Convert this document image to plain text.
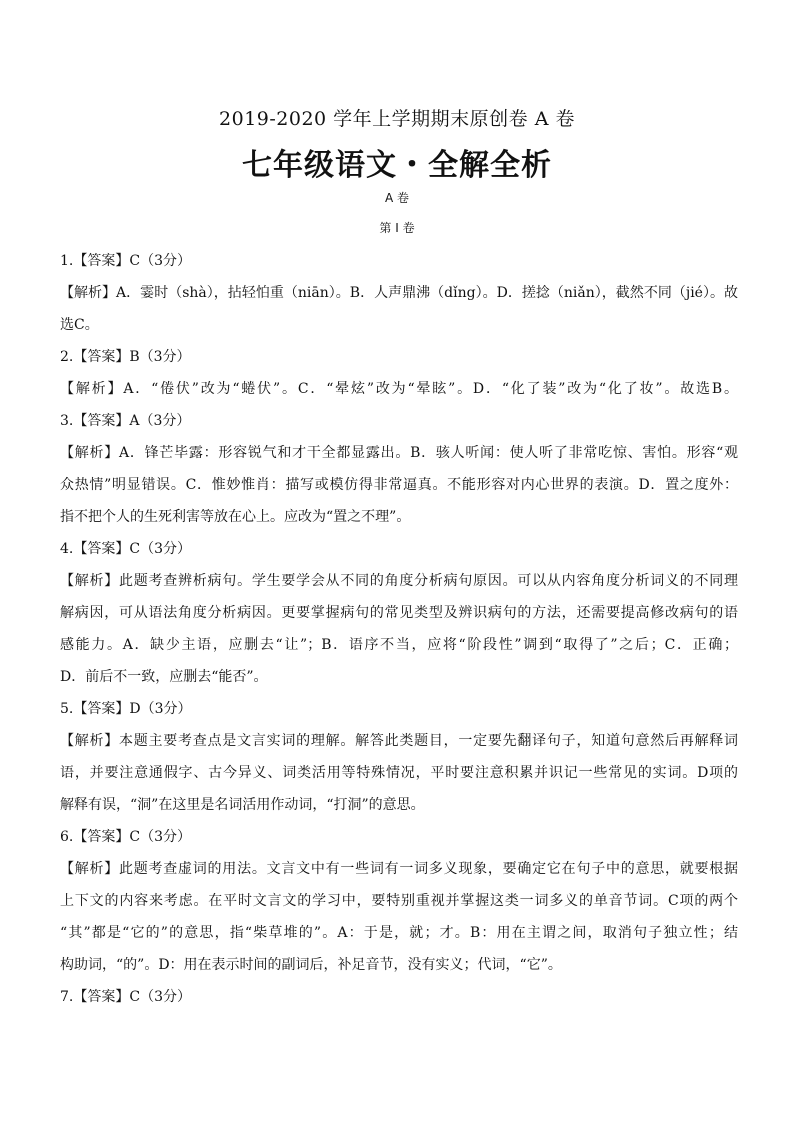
2019-2020 学年上学期期末原创卷 A 卷
七年级语文・全解全析
A 卷
第 I 卷
1.【答案】C（3分）
【解析】A．霎时（shà），拈轻怕重（niān）。B．人声鼎沸（dǐng）。D．搓捻（niǎn），截然不同（jié）。故
选C。
2.【答案】B（3分）
【解析】A．“倦伏”改为“蜷伏”。C．“晕炫”改为“晕眩”。D．“化了装”改为“化了妆”。故选B。
3.【答案】A（3分）
【解析】A．锋芒毕露：形容锐气和才干全都显露出。B．骇人听闻：使人听了非常吃惊、害怕。形容“观
众热情”明显错误。C．惟妙惟肖：描写或模仿得非常逼真。不能形容对内心世界的表演。D．置之度外：
指不把个人的生死利害等放在心上。应改为“置之不理”。
4.【答案】C（3分）
【解析】此题考查辨析病句。学生要学会从不同的角度分析病句原因。可以从内容角度分析词义的不同理
解病因，可从语法角度分析病因。更要掌握病句的常见类型及辨识病句的方法，还需要提高修改病句的语
感能力。A．缺少主语，应删去“让”；B．语序不当，应将“阶段性”调到“取得了”之后；C．正确；
D．前后不一致，应删去“能否”。
5.【答案】D（3分）
【解析】本题主要考查点是文言实词的理解。解答此类题目，一定要先翻译句子，知道句意然后再解释词
语，并要注意通假字、古今异义、词类活用等特殊情况，平时要注意积累并识记一些常见的实词。D项的
解释有误，“洞”在这里是名词活用作动词，“打洞”的意思。
6.【答案】C（3分）
【解析】此题考查虚词的用法。文言文中有一些词有一词多义现象，要确定它在句子中的意思，就要根据
上下文的内容来考虑。在平时文言文的学习中，要特别重视并掌握这类一词多义的单音节词。C项的两个
“其”都是“它的”的意思，指“柴草堆的”。A：于是，就；才。B：用在主谓之间，取消句子独立性；结
构助词，“的”。D：用在表示时间的副词后，补足音节，没有实义；代词，“它”。
7.【答案】C（3分）
